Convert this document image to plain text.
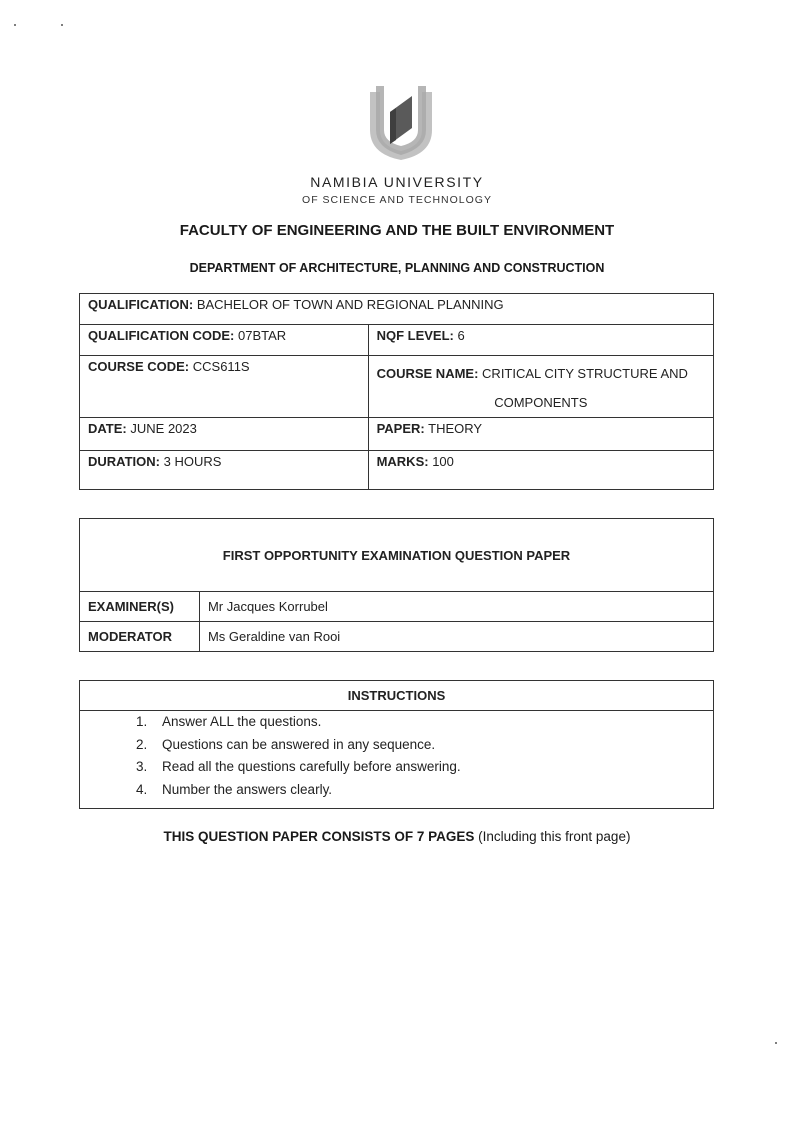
NAMIBIA UNIVERSITY
OF SCIENCE AND TECHNOLOGY
FACULTY OF ENGINEERING AND THE BUILT ENVIRONMENT
DEPARTMENT OF ARCHITECTURE, PLANNING AND CONSTRUCTION
QUALIFICATION: BACHELOR OF TOWN AND REGIONAL PLANNING	
QUALIFICATION CODE: 07BTAR	NQF LEVEL: 6
COURSE CODE: CCS611S	COURSE NAME: CRITICAL CITY STRUCTURE AND
COMPONENTS

DATE: JUNE 2023	PAPER: THEORY
DURATION: 3 HOURS	MARKS: 100
FIRST OPPORTUNITY EXAMINATION QUESTION PAPER	
EXAMINER(S)	Mr Jacques Korrubel
MODERATOR	Ms Geraldine van Rooi
INSTRUCTIONS

1. Answer ALL the questions.
2. Questions can be answered in any sequence.
3. Read all the questions carefully before answering.
4. Number the answers clearly.
THIS QUESTION PAPER CONSISTS OF 7 PAGES (Including this front page)
